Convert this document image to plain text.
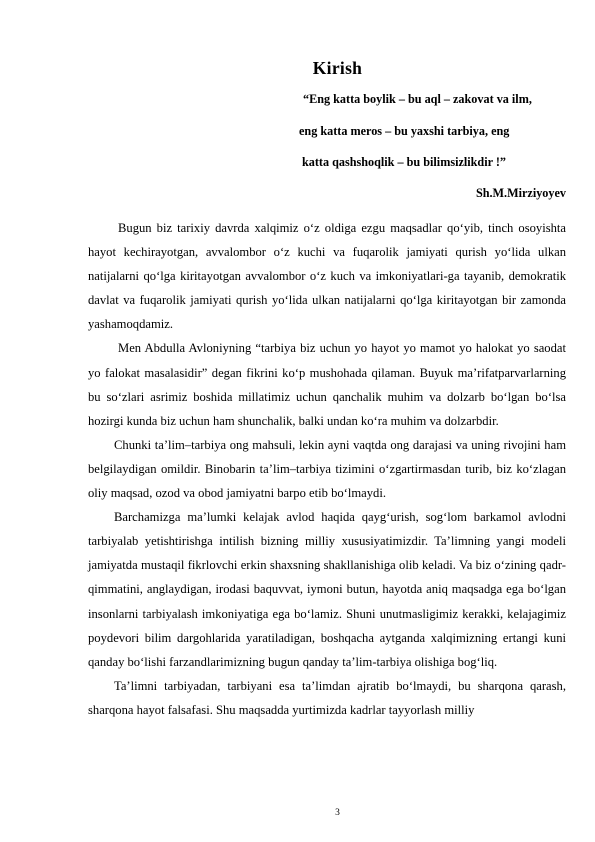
Kirish
“Eng katta boylik – bu aql – zakovat va ilm,
eng katta meros – bu yaxshi tarbiya, eng
katta qashshoqlik – bu bilimsizlikdir !”
Sh.M.Mirziyoyev

Bugun biz tarixiy davrda xalqimiz o‘z oldiga ezgu maqsadlar qo‘yib, tinch osoyishta hayot kechirayotgan, avvalombor o‘z kuchi va fuqarolik jamiyati qurish yo‘lida ulkan natijalarni qo‘lga kiritayotgan avvalombor o‘z kuch va imkoniyatlari-ga tayanib, demokratik davlat va fuqarolik jamiyati qurish yo‘lida ulkan natijalarni qo‘lga kiritayotgan bir zamonda yashamoqdamiz.

Men Abdulla Avloniyning “tarbiya biz uchun yo hayot yo mamot yo halokat yo saodat yo falokat masalasidir” degan fikrini ko‘p mushohada qilaman. Buyuk ma’rifatparvarlarning bu so‘zlari asrimiz boshida millatimiz uchun qanchalik muhim va dolzarb bo‘lgan bo‘lsa hozirgi kunda biz uchun ham shunchalik, balki undan ko‘ra muhim va dolzarbdir.

Chunki ta’lim–tarbiya ong mahsuli, lekin ayni vaqtda ong darajasi va uning rivojini ham belgilaydigan omildir. Binobarin ta’lim–tarbiya tizimini o‘zgartirmasdan turib, biz ko‘zlagan oliy maqsad, ozod va obod jamiyatni barpo etib bo‘lmaydi.

Barchamizga ma’lumki kelajak avlod haqida qayg‘urish, sog‘lom barkamol avlodni tarbiyalab yetishtirishga intilish bizning milliy xususiyatimizdir. Ta’limning yangi modeli jamiyatda mustaqil fikrlovchi erkin shaxsning shakllanishiga olib keladi. Va biz o‘zining qadr-qimmatini, anglaydigan, irodasi baquvvat, iymoni butun, hayotda aniq maqsadga ega bo‘lgan insonlarni tarbiyalash imkoniyatiga ega bo‘lamiz. Shuni unutmasligimiz kerakki, kelajagimiz poydevori bilim dargohlarida yaratiladigan, boshqacha aytganda xalqimizning ertangi kuni qanday bo‘lishi farzandlarimizning bugun qanday ta’lim-tarbiya olishiga bog‘liq.

Ta’limni tarbiyadan, tarbiyani esa ta’limdan ajratib bo‘lmaydi, bu sharqona qarash, sharqona hayot falsafasi. Shu maqsadda yurtimizda kadrlar tayyorlash milliy

3
